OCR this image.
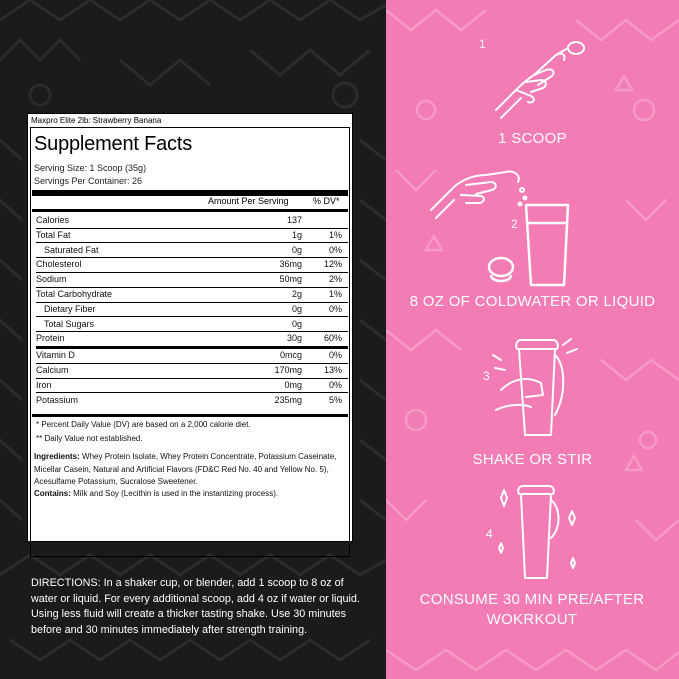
Maxpro Elite 2lb: Strawberry Banana
Supplement Facts
Serving Size: 1 Scoop (35g)
Servings Per Container: 26
Amount Per Serving	% DV*
Calories	137
Total Fat	1g	1%
Saturated Fat	0g	0%
Cholesterol	36mg	12%
Sodium	50mg	2%
Total Carbohydrate	2g	1%
Dietary Fiber	0g	0%
Total Sugars	0g
Protein	30g	60%
Vitamin D	0mcg	0%
Calcium	170mg	13%
Iron	0mg	0%
Potassium	235mg	5%
* Percent Daily Value (DV) are based on a 2,000 calorie diet.
** Daily Value not established.
Ingredients: Whey Protein Isolate, Whey Protein Concentrate, Potassium Caseinate, Micellar Casein, Natural and Artificial Flavors (FD&C Red No. 40 and Yellow No. 5), Acesulfame Potassium, Sucralose Sweetener.
Contains: Milk and Soy (Lecithin is used in the instantizing process).
DIRECTIONS: In a shaker cup, or blender, add 1 scoop to 8 oz of water or liquid. For every additional scoop, add 4 oz if water or liquid. Using less fluid will create a thicker tasting shake. Use 30 minutes before and 30 minutes immediately after strength training.
1
1 SCOOP
2
8 OZ OF COLDWATER OR LIQUID
3
SHAKE OR STIR
4
CONSUME 30 MIN PRE/AFTER WOKRKOUT
